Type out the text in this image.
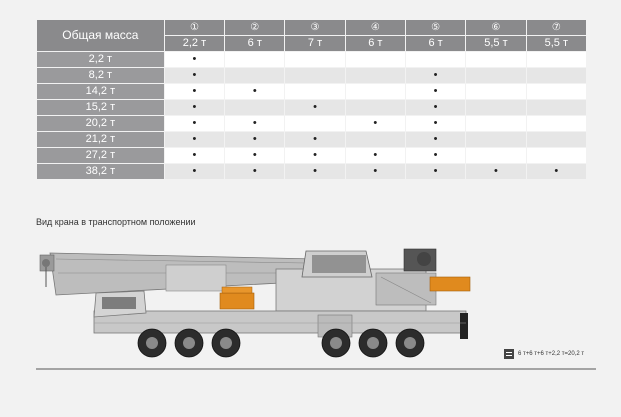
Общая масса	①	②	③	④	⑤	⑥	⑦
	2,2 т	6 т	7 т	6 т	6 т	5,5 т	5,5 т
2,2 т	•						
8,2 т	•				•		
14,2 т	•	•			•		
15,2 т	•		•		•		
20,2 т	•	•		•	•		
21,2 т	•	•	•		•		
27,2 т	•	•	•	•	•		
38,2 т	•	•	•	•	•	•	•
Вид крана в транспортном положении
6 т+6 т+6 т+2,2 т=20,2 т
